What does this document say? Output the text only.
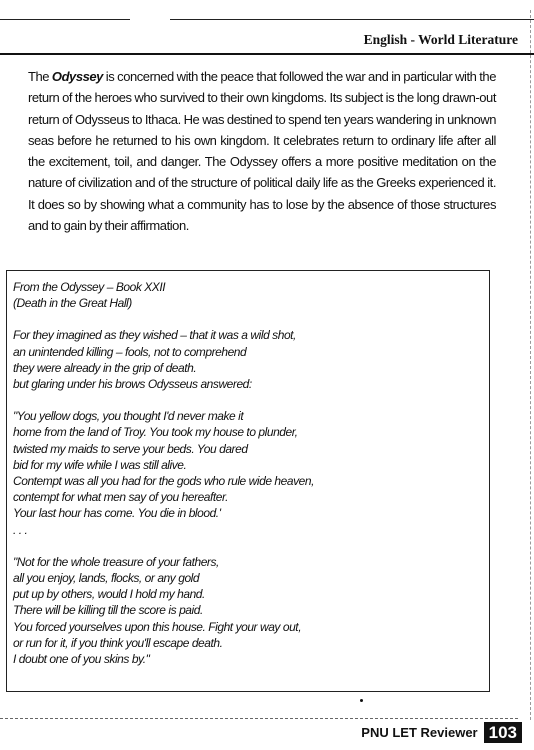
English - World Literature

The Odyssey is concerned with the peace that followed the war and in particular with the return of the heroes who survived to their own kingdoms. Its subject is the long drawn-out return of Odysseus to Ithaca. He was destined to spend ten years wandering in unknown seas before he returned to his own kingdom. It celebrates return to ordinary life after all the excitement, toil, and danger. The Odyssey offers a more positive meditation on the nature of civilization and of the structure of political daily life as the Greeks experienced it. It does so by showing what a community has to lose by the absence of those structures and to gain by their affirmation.

From the Odyssey – Book XXII
(Death in the Great Hall)
For they imagined as they wished – that it was a wild shot,
an unintended killing – fools, not to comprehend
they were already in the grip of death.
but glaring under his brows Odysseus answered:
"You yellow dogs, you thought I'd never make it
home from the land of Troy. You took my house to plunder,
twisted my maids to serve your beds. You dared
bid for my wife while I was still alive.
Contempt was all you had for the gods who rule wide heaven,
contempt for what men say of you hereafter.
Your last hour has come. You die in blood.'
. . .
"Not for the whole treasure of your fathers,
all you enjoy, lands, flocks, or any gold
put up by others, would I hold my hand.
There will be killing till the score is paid.
You forced yourselves upon this house. Fight your way out,
or run for it, if you think you'll escape death.
I doubt one of you skins by."
PNU LET Reviewer 103
